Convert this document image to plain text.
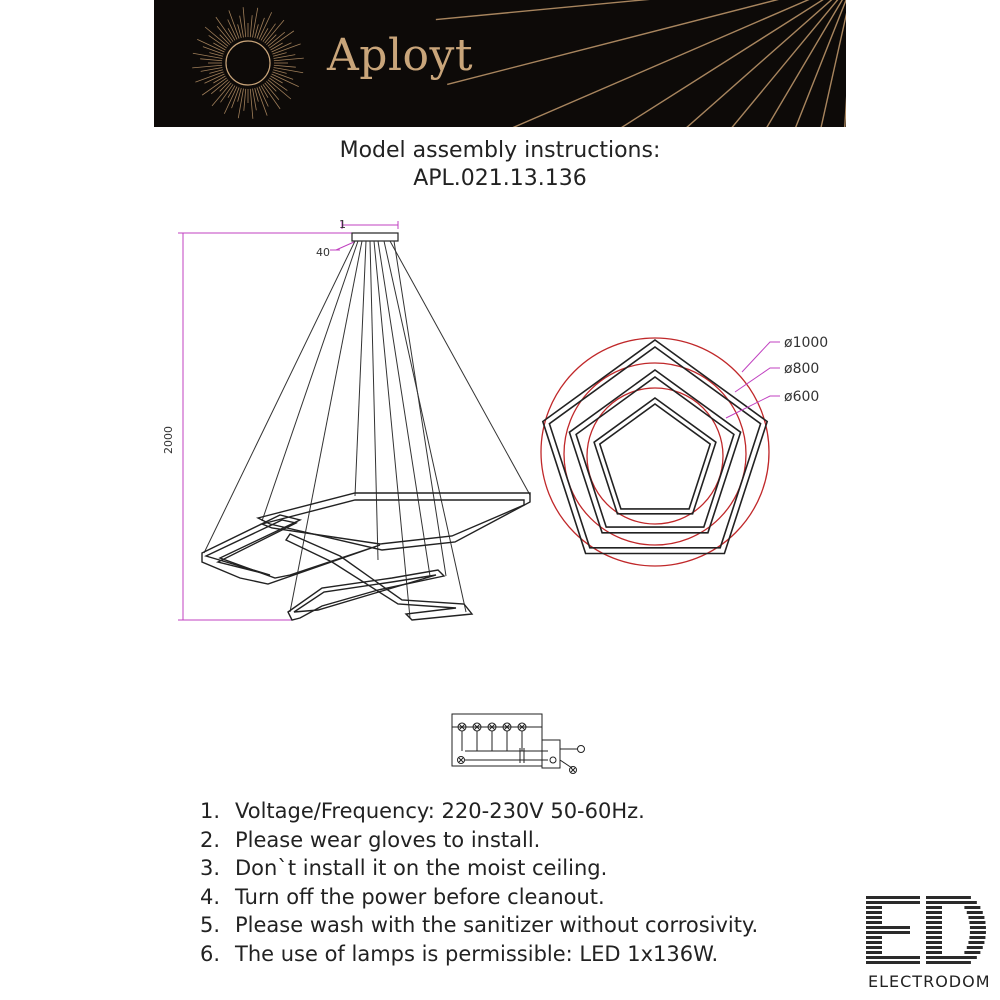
Aployt
Model assembly instructions:
APL.021.13.136
2000
40
1
ø1000
ø800
ø600
1. Voltage/Frequency: 220-230V 50-60Hz.
2. Please wear gloves to install.
3. Don`t install it on the moist ceiling.
4. Turn off the power before cleanout.
5. Please wash with the sanitizer without corrosivity.
6. The use of lamps is permissible: LED 1x136W.
ELECTRODOM
